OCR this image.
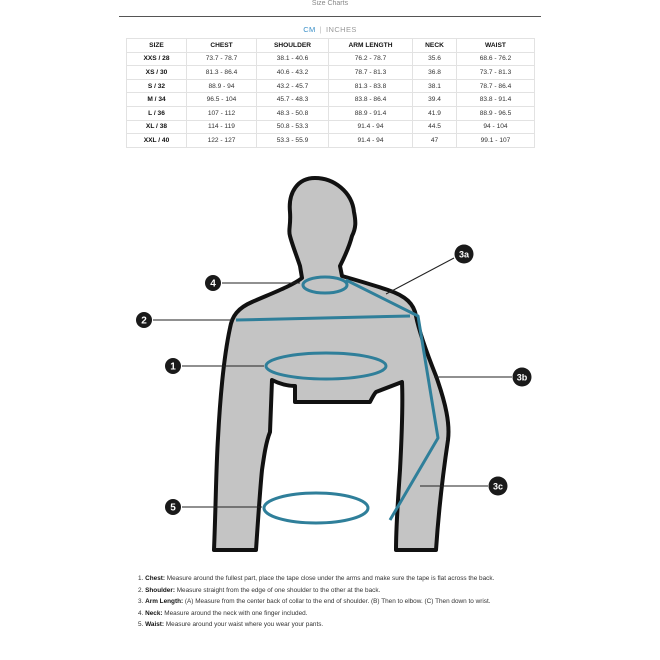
Size Charts
CM | INCHES
SIZE	CHEST	SHOULDER	ARM LENGTH	NECK	WAIST
XXS / 28	73.7 - 78.7	38.1 - 40.6	76.2 - 78.7	35.6	68.6 - 76.2
XS / 30	81.3 - 86.4	40.6 - 43.2	78.7 - 81.3	36.8	73.7 - 81.3
S / 32	88.9 - 94	43.2 - 45.7	81.3 - 83.8	38.1	78.7 - 86.4
M / 34	96.5 - 104	45.7 - 48.3	83.8 - 86.4	39.4	83.8 - 91.4
L / 36	107 - 112	48.3 - 50.8	88.9 - 91.4	41.9	88.9 - 96.5
XL / 38	114 - 119	50.8 - 53.3	91.4 - 94	44.5	94 - 104
XXL / 40	122 - 127	53.3 - 55.9	91.4 - 94	47	99.1 - 107
4
2
1
5
3a
3b
3c
1. Chest: Measure around the fullest part, place the tape close under the arms and make sure the tape is flat across the back.
2. Shoulder: Measure straight from the edge of one shoulder to the other at the back.
3. Arm Length: (A) Measure from the center back of collar to the end of shoulder. (B) Then to elbow. (C) Then down to wrist.
4. Neck: Measure around the neck with one finger included.
5. Waist: Measure around your waist where you wear your pants.
